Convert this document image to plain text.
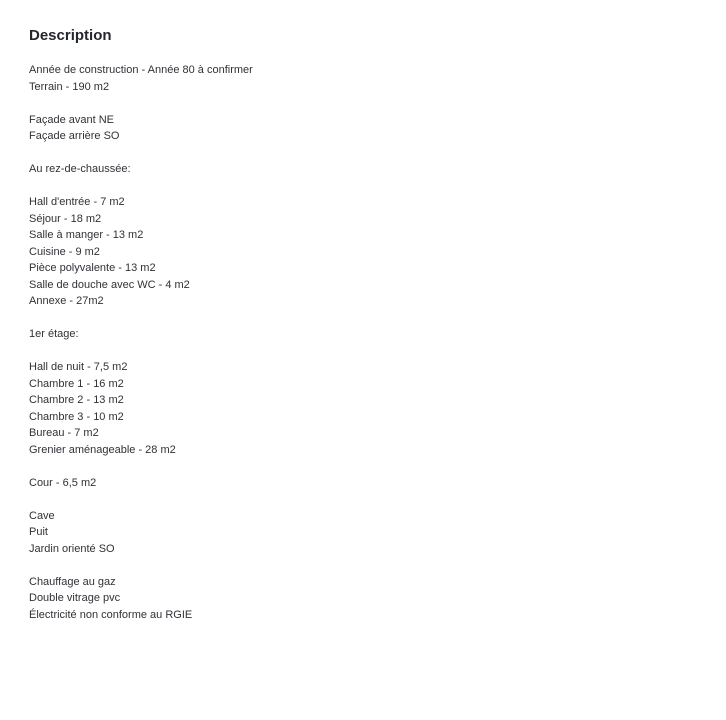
Description
Année de construction - Année 80 à confirmer
Terrain - 190 m2
Façade avant NE
Façade arrière SO
Au rez-de-chaussée:
Hall d'entrée - 7 m2
Séjour - 18 m2
Salle à manger - 13 m2
Cuisine - 9 m2
Pièce polyvalente - 13 m2
Salle de douche avec WC - 4 m2
Annexe - 27m2
1er étage:
Hall de nuit - 7,5 m2
Chambre 1 - 16 m2
Chambre 2 - 13 m2
Chambre 3 - 10 m2
Bureau - 7 m2
Grenier aménageable - 28 m2
Cour - 6,5 m2
Cave
Puit
Jardin orienté SO
Chauffage au gaz
Double vitrage pvc
Électricité non conforme au RGIE
